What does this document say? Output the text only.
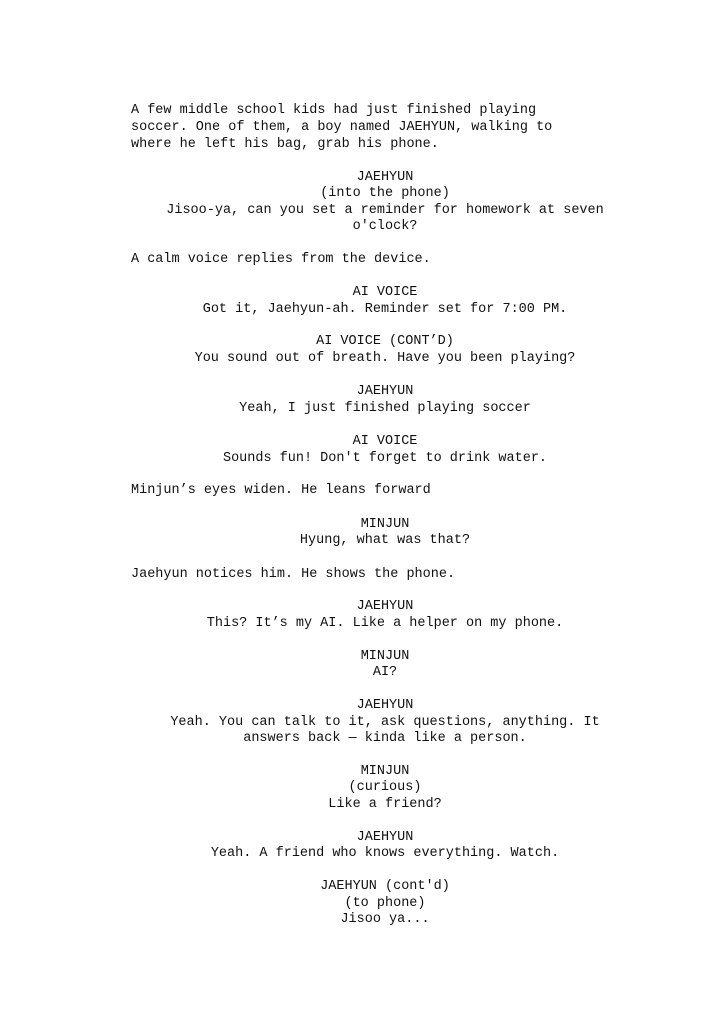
A few middle school kids had just finished playing
soccer. One of them, a boy named JAEHYUN, walking to
where he left his bag, grab his phone.
JAEHYUN
(into the phone)
Jisoo-ya, can you set a reminder for homework at seven
o'clock?
A calm voice replies from the device.
AI VOICE
Got it, Jaehyun-ah. Reminder set for 7:00 PM.
AI VOICE (CONT’D)
You sound out of breath. Have you been playing?
JAEHYUN
Yeah, I just finished playing soccer
AI VOICE
Sounds fun! Don't forget to drink water.
Minjun’s eyes widen. He leans forward
MINJUN
Hyung, what was that?
Jaehyun notices him. He shows the phone.
JAEHYUN
This? It’s my AI. Like a helper on my phone.
MINJUN
AI?
JAEHYUN
Yeah. You can talk to it, ask questions, anything. It
answers back — kinda like a person.
MINJUN
(curious)
Like a friend?
JAEHYUN
Yeah. A friend who knows everything. Watch.
JAEHYUN (cont'd)
(to phone)
Jisoo ya...
